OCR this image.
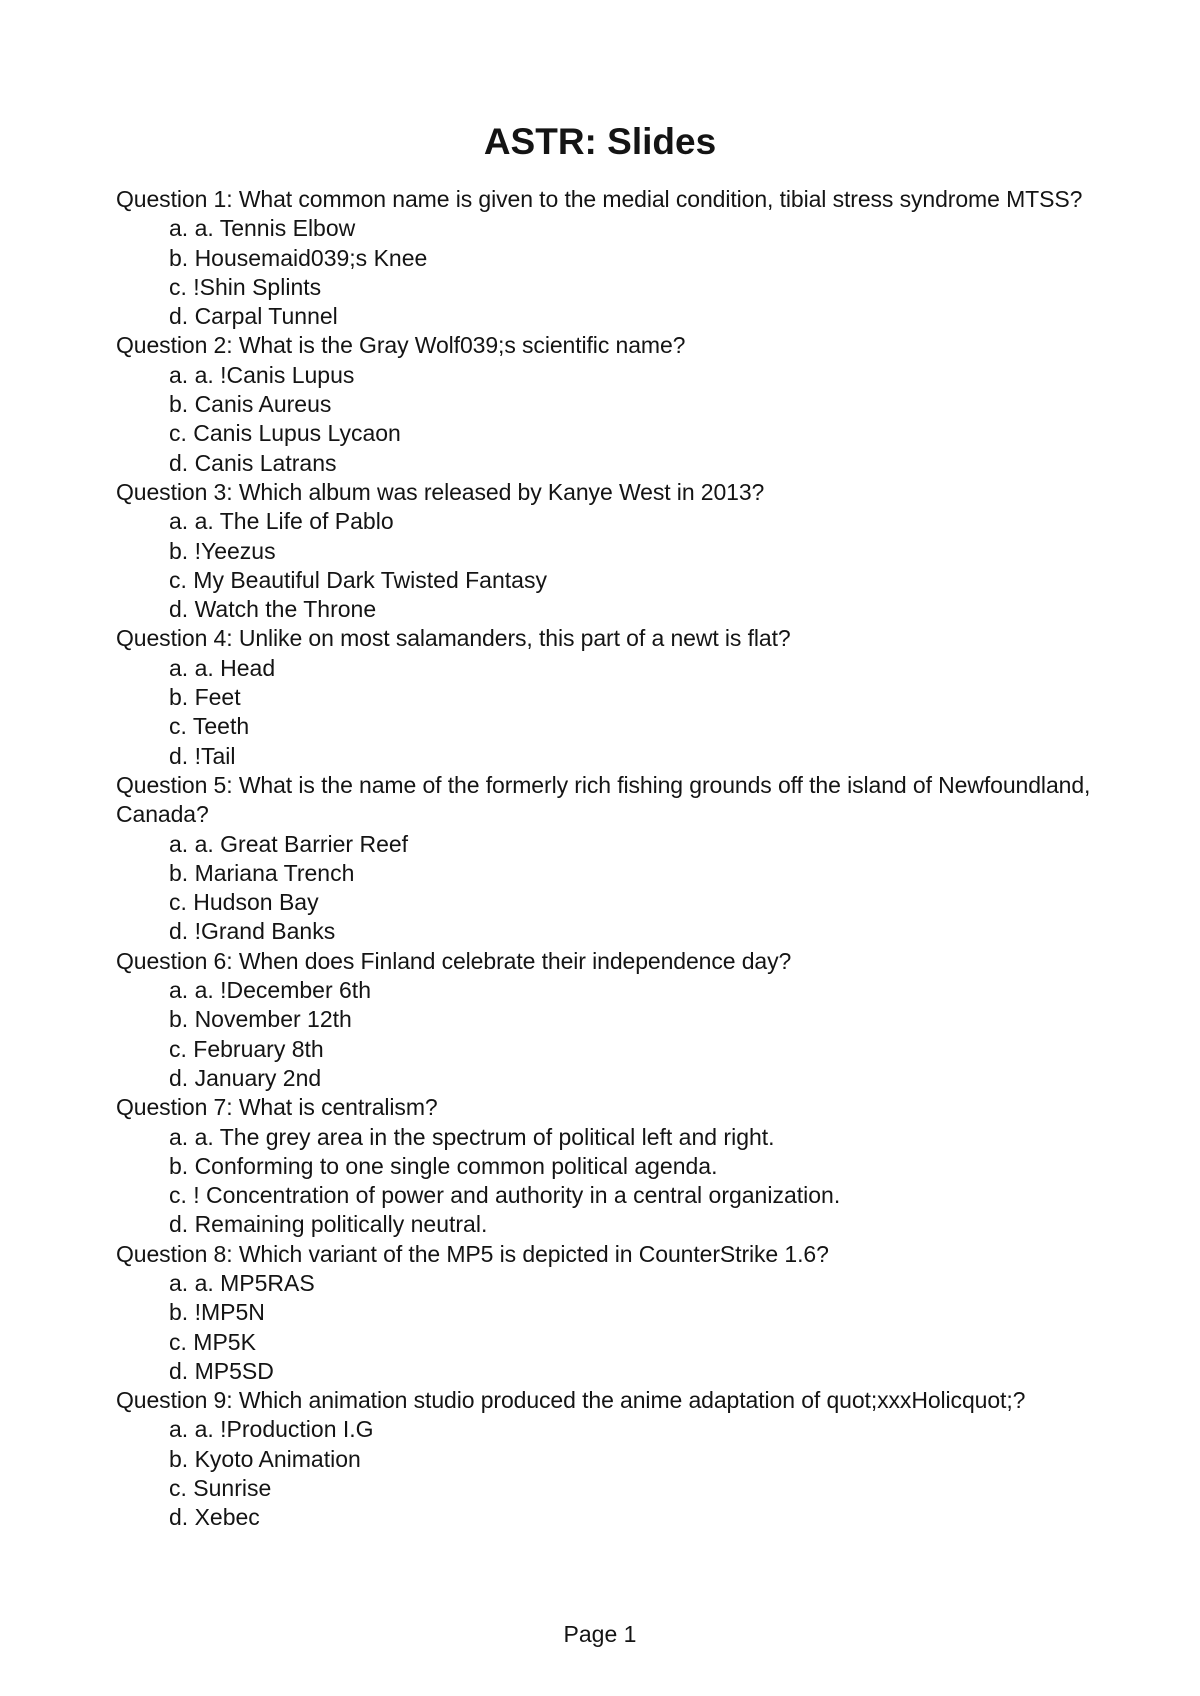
ASTR: Slides
Question 1: What common name is given to the medial condition, tibial stress syndrome MTSS?
a. a. Tennis Elbow
b. Housemaid039;s Knee
c. !Shin Splints
d. Carpal Tunnel
Question 2: What is the Gray Wolf039;s scientific name?
a. a. !Canis Lupus
b. Canis Aureus
c. Canis Lupus Lycaon
d. Canis Latrans
Question 3: Which album was released by Kanye West in 2013?
a. a. The Life of Pablo
b. !Yeezus
c. My Beautiful Dark Twisted Fantasy
d. Watch the Throne
Question 4: Unlike on most salamanders, this part of a newt is flat?
a. a. Head
b. Feet
c. Teeth
d. !Tail
Question 5: What is the name of the formerly rich fishing grounds off the island of Newfoundland, Canada?
a. a. Great Barrier Reef
b. Mariana Trench
c. Hudson Bay
d. !Grand Banks
Question 6: When does Finland celebrate their independence day?
a. a. !December 6th
b. November 12th
c. February 8th
d. January 2nd
Question 7: What is centralism?
a. a. The grey area in the spectrum of political left and right.
b. Conforming to one single common political agenda.
c. ! Concentration of power and authority in a central organization.
d. Remaining politically neutral.
Question 8: Which variant of the MP5 is depicted in CounterStrike 1.6?
a. a. MP5RAS
b. !MP5N
c. MP5K
d. MP5SD
Question 9: Which animation studio produced the anime adaptation of quot;xxxHolicquot;?
a. a. !Production I.G
b. Kyoto Animation
c. Sunrise
d. Xebec
Page 1
